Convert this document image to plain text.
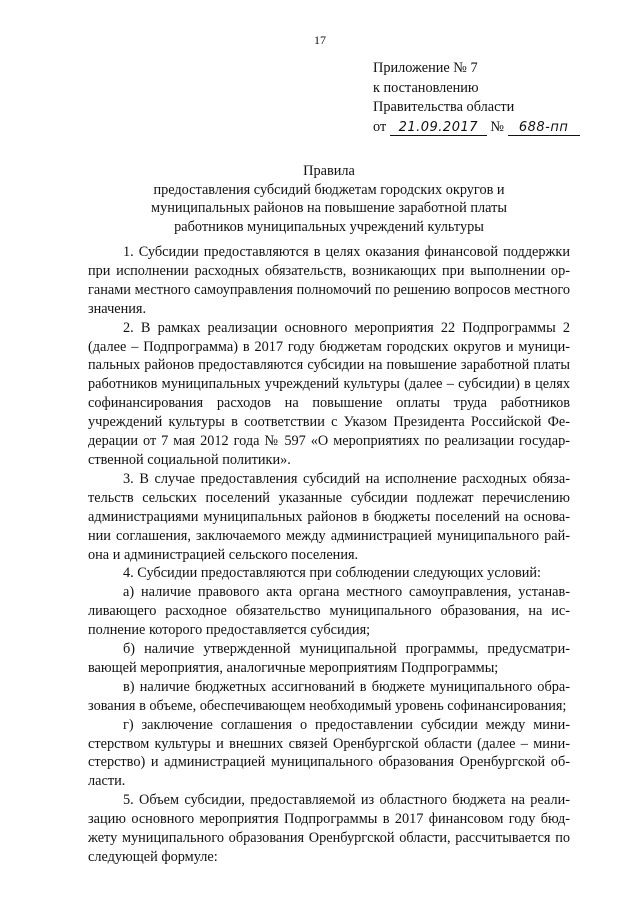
17
Приложение № 7
к постановлению
Правительства области
от 21.09.2017 № 688-пп
Правила
предоставления субсидий бюджетам городских округов и
муниципальных районов на повышение заработной платы
работников муниципальных учреждений культуры

1. Субсидии предоставляются в целях оказания финансовой поддержки при исполнении расходных обязательств, возникающих при выполнении органами местного самоуправления полномочий по решению вопросов местного значения.

2. В рамках реализации основного мероприятия 22 Подпрограммы 2 (далее – Подпрограмма) в 2017 году бюджетам городских округов и муниципальных районов предоставляются субсидии на повышение заработной платы работников муниципальных учреждений культуры (далее – субсидии) в целях софинансирования расходов на повышение оплаты труда работников учреждений культуры в соответствии с Указом Президента Российской Федерации от 7 мая 2012 года № 597 «О мероприятиях по реализации государственной социальной политики».

3. В случае предоставления субсидий на исполнение расходных обязательств сельских поселений указанные субсидии подлежат перечислению администрациями муниципальных районов в бюджеты поселений на основании соглашения, заключаемого между администрацией муниципального района и администрацией сельского поселения.

4. Субсидии предоставляются при соблюдении следующих условий:

а) наличие правового акта органа местного самоуправления, устанавливающего расходное обязательство муниципального образования, на исполнение которого предоставляется субсидия;

б) наличие утвержденной муниципальной программы, предусматривающей мероприятия, аналогичные мероприятиям Подпрограммы;

в) наличие бюджетных ассигнований в бюджете муниципального образования в объеме, обеспечивающем необходимый уровень софинансирования;

г) заключение соглашения о предоставлении субсидии между министерством культуры и внешних связей Оренбургской области (далее – министерство) и администрацией муниципального образования Оренбургской области.

5. Объем субсидии, предоставляемой из областного бюджета на реализацию основного мероприятия Подпрограммы в 2017 финансовом году бюджету муниципального образования Оренбургской области, рассчитывается по следующей формуле:
